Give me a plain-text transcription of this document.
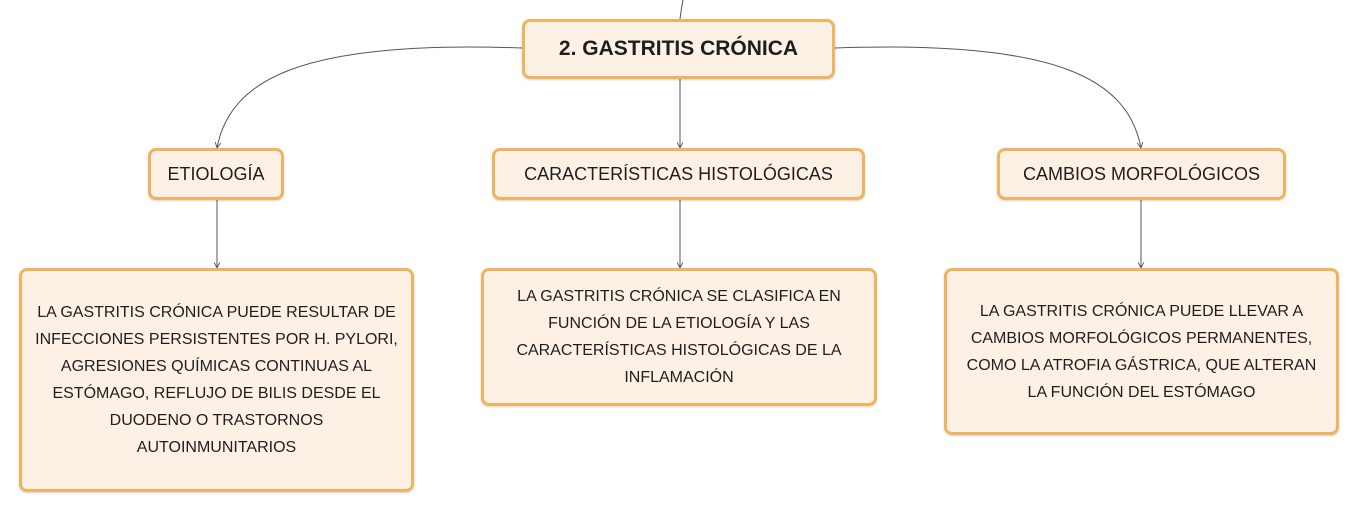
2. GASTRITIS CRÓNICA
ETIOLOGÍA	CARACTERÍSTICAS HISTOLÓGICAS	CAMBIOS MORFOLÓGICOS
LA GASTRITIS CRÓNICA PUEDE RESULTAR DE INFECCIONES PERSISTENTES POR H. PYLORI, AGRESIONES QUÍMICAS CONTINUAS AL ESTÓMAGO, REFLUJO DE BILIS DESDE EL DUODENO O TRASTORNOS AUTOINMUNITARIOS
LA GASTRITIS CRÓNICA SE CLASIFICA EN FUNCIÓN DE LA ETIOLOGÍA Y LAS CARACTERÍSTICAS HISTOLÓGICAS DE LA INFLAMACIÓN
LA GASTRITIS CRÓNICA PUEDE LLEVAR A CAMBIOS MORFOLÓGICOS PERMANENTES, COMO LA ATROFIA GÁSTRICA, QUE ALTERAN LA FUNCIÓN DEL ESTÓMAGO
